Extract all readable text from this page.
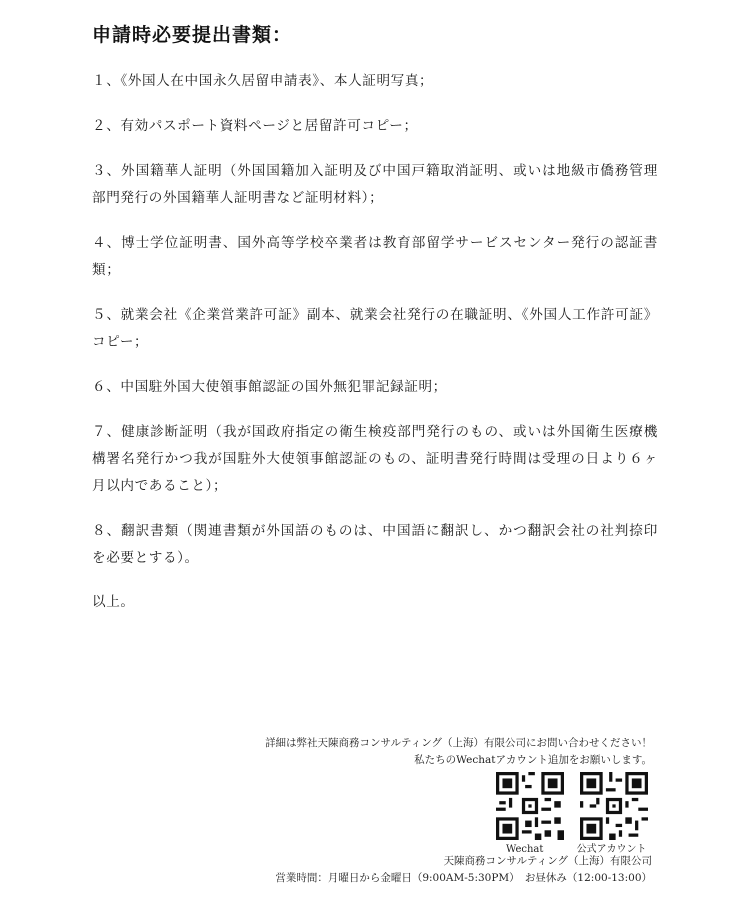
申請時必要提出書類：
１、《外国人在中国永久居留申請表》、本人証明写真；
２、有効パスポート資料ページと居留許可コピー；
３、外国籍華人証明（外国国籍加入証明及び中国戸籍取消証明、或いは地級市僑務管理部門発行の外国籍華人証明書など証明材料）；
４、博士学位証明書、国外高等学校卒業者は教育部留学サービスセンター発行の認証書類；
５、就業会社《企業営業許可証》副本、就業会社発行の在職証明、《外国人工作許可証》コピー；
６、中国駐外国大使領事館認証の国外無犯罪記録証明；
７、健康診断証明（我が国政府指定の衛生検疫部門発行のもの、或いは外国衛生医療機構署名発行かつ我が国駐外大使領事館認証のもの、証明書発行時間は受理の日より６ヶ月以内であること）；
８、翻訳書類（関連書類が外国語のものは、中国語に翻訳し、かつ翻訳会社の社判捺印を必要とする）。
以上。
詳細は弊社天陳商務コンサルティング（上海）有限公司にお問い合わせください！
私たちのWechatアカウント追加をお願いします。
Wechat	公式アカウント
天陳商務コンサルティング（上海）有限公司
営業時間：月曜日から金曜日（9:00AM-5:30PM）　お昼休み（12:00-13:00）
